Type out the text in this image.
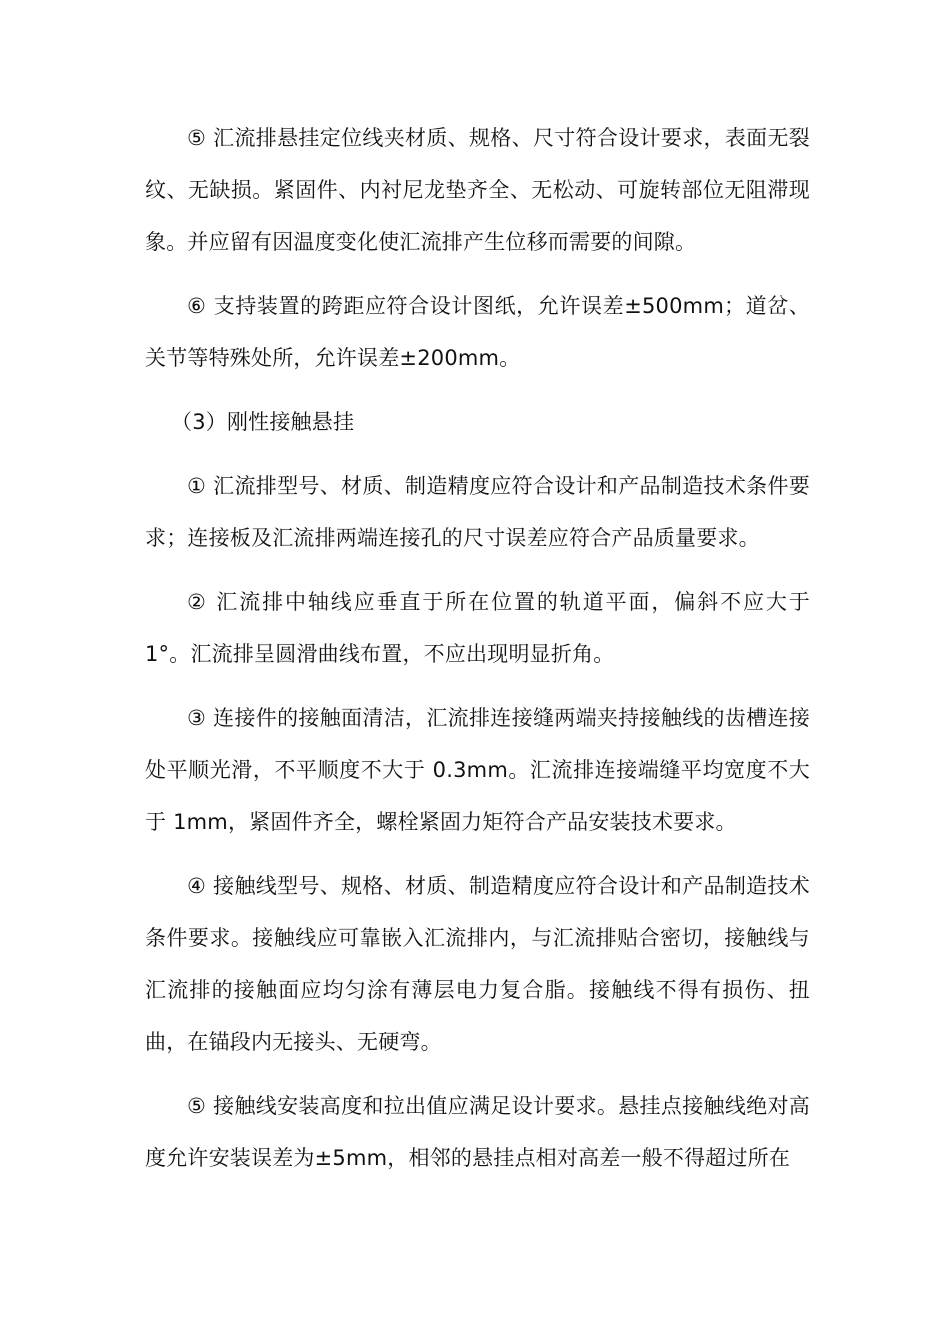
⑤ 汇流排悬挂定位线夹材质、规格、尺寸符合设计要求，表面无裂纹、无缺损。紧固件、内衬尼龙垫齐全、无松动、可旋转部位无阻滞现象。并应留有因温度变化使汇流排产生位移而需要的间隙。

⑥ 支持装置的跨距应符合设计图纸，允许误差±500mm；道岔、关节等特殊处所，允许误差±200mm。

（3）刚性接触悬挂

① 汇流排型号、材质、制造精度应符合设计和产品制造技术条件要求；连接板及汇流排两端连接孔的尺寸误差应符合产品质量要求。

② 汇流排中轴线应垂直于所在位置的轨道平面，偏斜不应大于 1°。汇流排呈圆滑曲线布置，不应出现明显折角。

③ 连接件的接触面清洁，汇流排连接缝两端夹持接触线的齿槽连接处平顺光滑，不平顺度不大于 0.3mm。汇流排连接端缝平均宽度不大于 1mm，紧固件齐全，螺栓紧固力矩符合产品安装技术要求。

④ 接触线型号、规格、材质、制造精度应符合设计和产品制造技术条件要求。接触线应可靠嵌入汇流排内，与汇流排贴合密切，接触线与汇流排的接触面应均匀涂有薄层电力复合脂。接触线不得有损伤、扭曲，在锚段内无接头、无硬弯。

⑤ 接触线安装高度和拉出值应满足设计要求。悬挂点接触线绝对高度允许安装误差为±5mm，相邻的悬挂点相对高差一般不得超过所在
